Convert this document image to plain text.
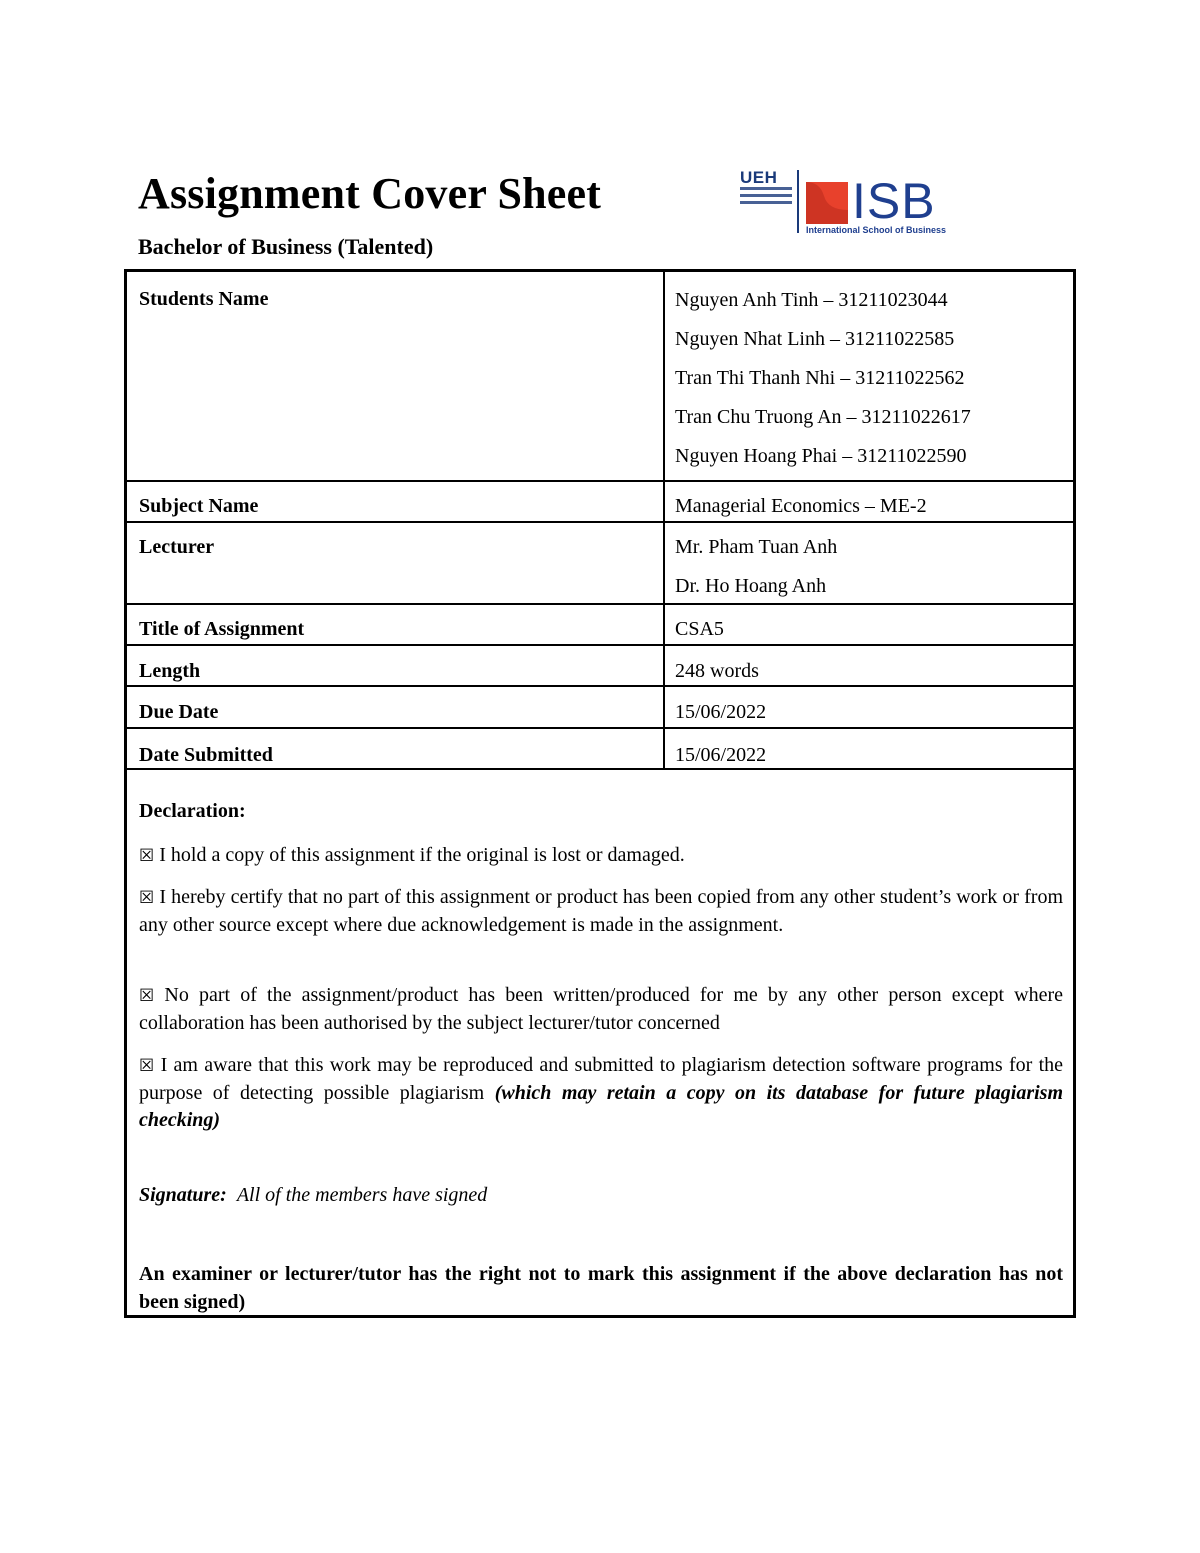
Assignment Cover Sheet
Bachelor of Business (Talented)
UEH ISB
International School of Business
Students Name	Nguyen Anh Tinh – 31211023044
Nguyen Nhat Linh – 31211022585
Tran Thi Thanh Nhi – 31211022562
Tran Chu Truong An – 31211022617
Nguyen Hoang Phai – 31211022590
Subject Name	Managerial Economics – ME-2
Lecturer	Mr. Pham Tuan Anh
Dr. Ho Hoang Anh
Title of Assignment	CSA5
Length	248 words
Due Date	15/06/2022
Date Submitted	15/06/2022
Declaration:

☒ I hold a copy of this assignment if the original is lost or damaged.

☒ I hereby certify that no part of this assignment or product has been copied from any other student’s work or from any other source except where due acknowledgement is made in the assignment.

☒ No part of the assignment/product has been written/produced for me by any other person except where collaboration has been authorised by the subject lecturer/tutor concerned

☒ I am aware that this work may be reproduced and submitted to plagiarism detection software programs for the purpose of detecting possible plagiarism (which may retain a copy on its database for future plagiarism checking)

Signature: All of the members have signed

An examiner or lecturer/tutor has the right not to mark this assignment if the above declaration has not been signed)
